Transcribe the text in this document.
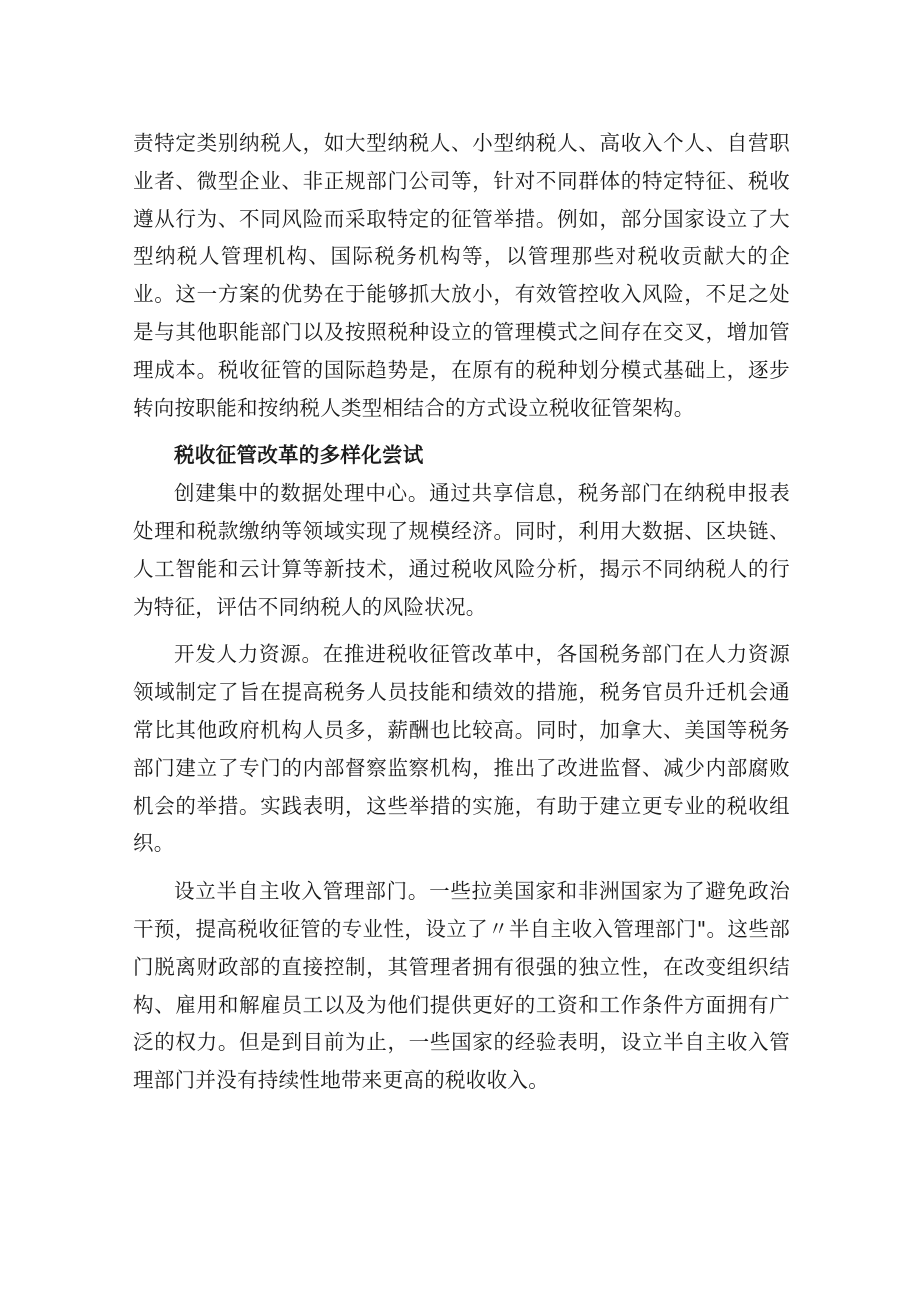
责特定类别纳税人，如大型纳税人、小型纳税人、高收入个人、自营职业者、微型企业、非正规部门公司等，针对不同群体的特定特征、税收遵从行为、不同风险而采取特定的征管举措。例如，部分国家设立了大型纳税人管理机构、国际税务机构等，以管理那些对税收贡献大的企业。这一方案的优势在于能够抓大放小，有效管控收入风险，不足之处是与其他职能部门以及按照税种设立的管理模式之间存在交叉，增加管理成本。税收征管的国际趋势是，在原有的税种划分模式基础上，逐步转向按职能和按纳税人类型相结合的方式设立税收征管架构。

税收征管改革的多样化尝试

创建集中的数据处理中心。通过共享信息，税务部门在纳税申报表处理和税款缴纳等领域实现了规模经济。同时，利用大数据、区块链、人工智能和云计算等新技术，通过税收风险分析，揭示不同纳税人的行为特征，评估不同纳税人的风险状况。

开发人力资源。在推进税收征管改革中，各国税务部门在人力资源领域制定了旨在提高税务人员技能和绩效的措施，税务官员升迁机会通常比其他政府机构人员多，薪酬也比较高。同时，加拿大、美国等税务部门建立了专门的内部督察监察机构，推出了改进监督、减少内部腐败机会的举措。实践表明，这些举措的实施，有助于建立更专业的税收组织。

设立半自主收入管理部门。一些拉美国家和非洲国家为了避免政治干预，提高税收征管的专业性，设立了〃半自主收入管理部门"。这些部门脱离财政部的直接控制，其管理者拥有很强的独立性，在改变组织结构、雇用和解雇员工以及为他们提供更好的工资和工作条件方面拥有广泛的权力。但是到目前为止，一些国家的经验表明，设立半自主收入管理部门并没有持续性地带来更高的税收收入。
